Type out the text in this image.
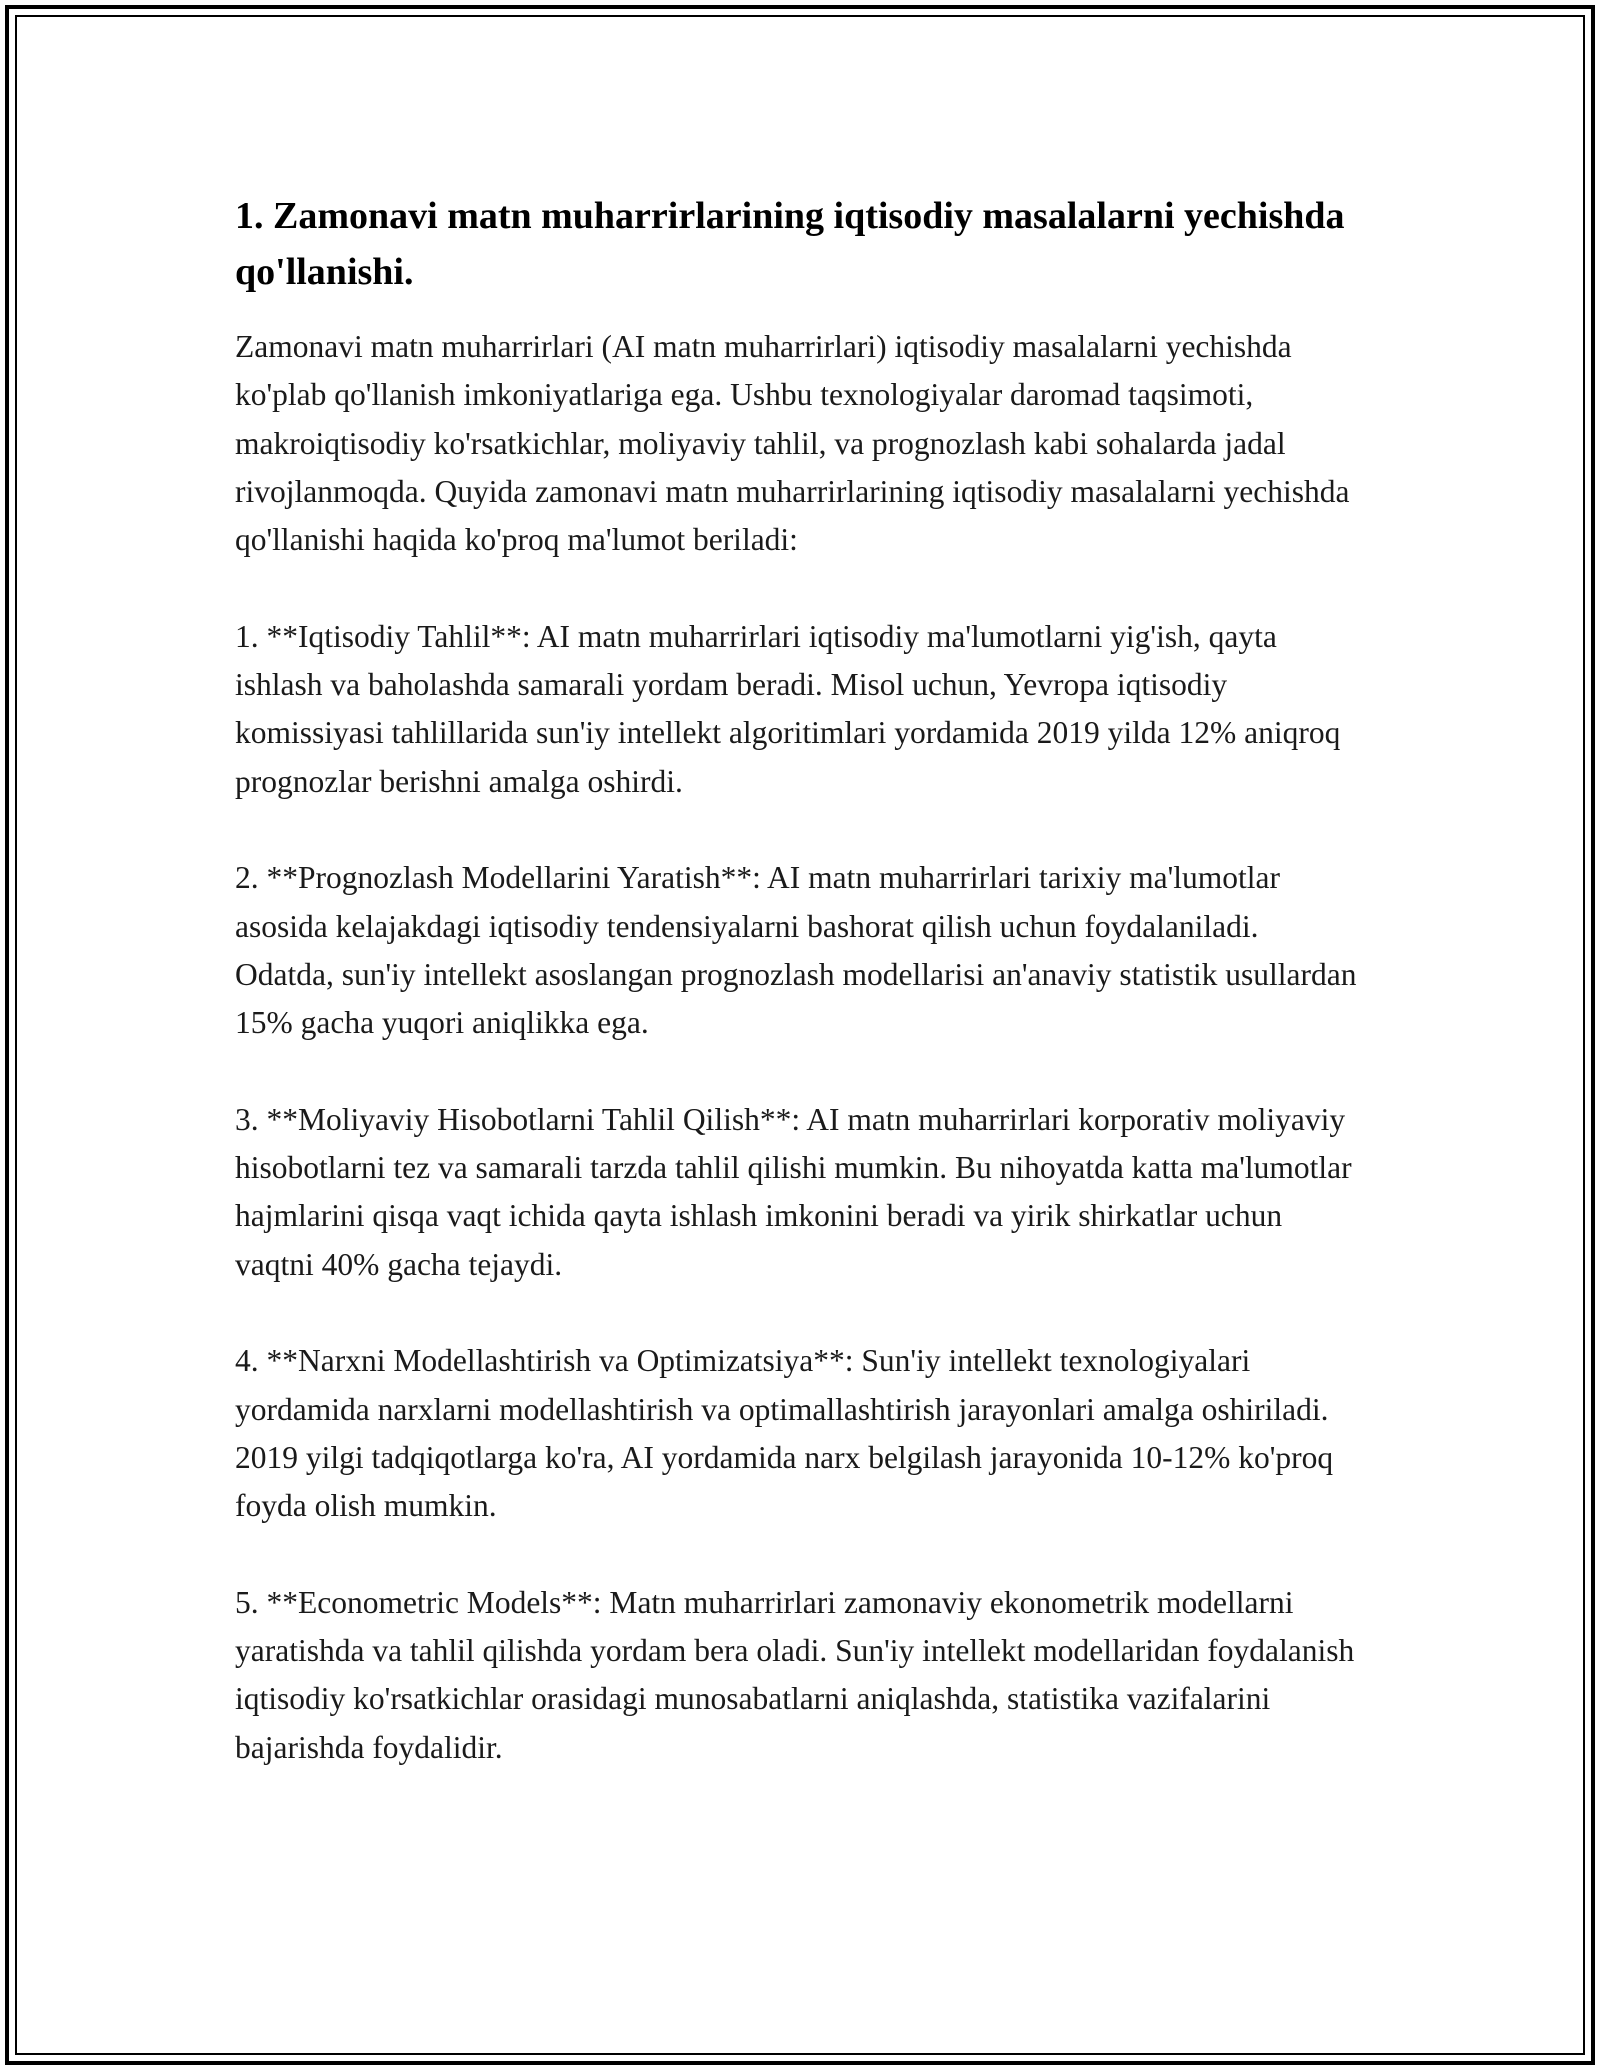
1. Zamonavi matn muharrirlarining iqtisodiy masalalarni yechishda qo'llanishi.

Zamonavi matn muharrirlari (AI matn muharrirlari) iqtisodiy masalalarni yechishda ko'plab qo'llanish imkoniyatlariga ega. Ushbu texnologiyalar daromad taqsimoti, makroiqtisodiy ko'rsatkichlar, moliyaviy tahlil, va prognozlash kabi sohalarda jadal rivojlanmoqda. Quyida zamonavi matn muharrirlarining iqtisodiy masalalarni yechishda qo'llanishi haqida ko'proq ma'lumot beriladi:

1. **Iqtisodiy Tahlil**: AI matn muharrirlari iqtisodiy ma'lumotlarni yig'ish, qayta ishlash va baholashda samarali yordam beradi. Misol uchun, Yevropa iqtisodiy komissiyasi tahlillarida sun'iy intellekt algoritimlari yordamida 2019 yilda 12% aniqroq prognozlar berishni amalga oshirdi.

2. **Prognozlash Modellarini Yaratish**: AI matn muharrirlari tarixiy ma'lumotlar asosida kelajakdagi iqtisodiy tendensiyalarni bashorat qilish uchun foydalaniladi. Odatda, sun'iy intellekt asoslangan prognozlash modellarisi an'anaviy statistik usullardan 15% gacha yuqori aniqlikka ega.

3. **Moliyaviy Hisobotlarni Tahlil Qilish**: AI matn muharrirlari korporativ moliyaviy hisobotlarni tez va samarali tarzda tahlil qilishi mumkin. Bu nihoyatda katta ma'lumotlar hajmlarini qisqa vaqt ichida qayta ishlash imkonini beradi va yirik shirkatlar uchun vaqtni 40% gacha tejaydi.

4. **Narxni Modellashtirish va Optimizatsiya**: Sun'iy intellekt texnologiyalari yordamida narxlarni modellashtirish va optimallashtirish jarayonlari amalga oshiriladi. 2019 yilgi tadqiqotlarga ko'ra, AI yordamida narx belgilash jarayonida 10-12% ko'proq foyda olish mumkin.

5. **Econometric Models**: Matn muharrirlari zamonaviy ekonometrik modellarni yaratishda va tahlil qilishda yordam bera oladi. Sun'iy intellekt modellaridan foydalanish iqtisodiy ko'rsatkichlar orasidagi munosabatlarni aniqlashda, statistika vazifalarini bajarishda foydalidir.
